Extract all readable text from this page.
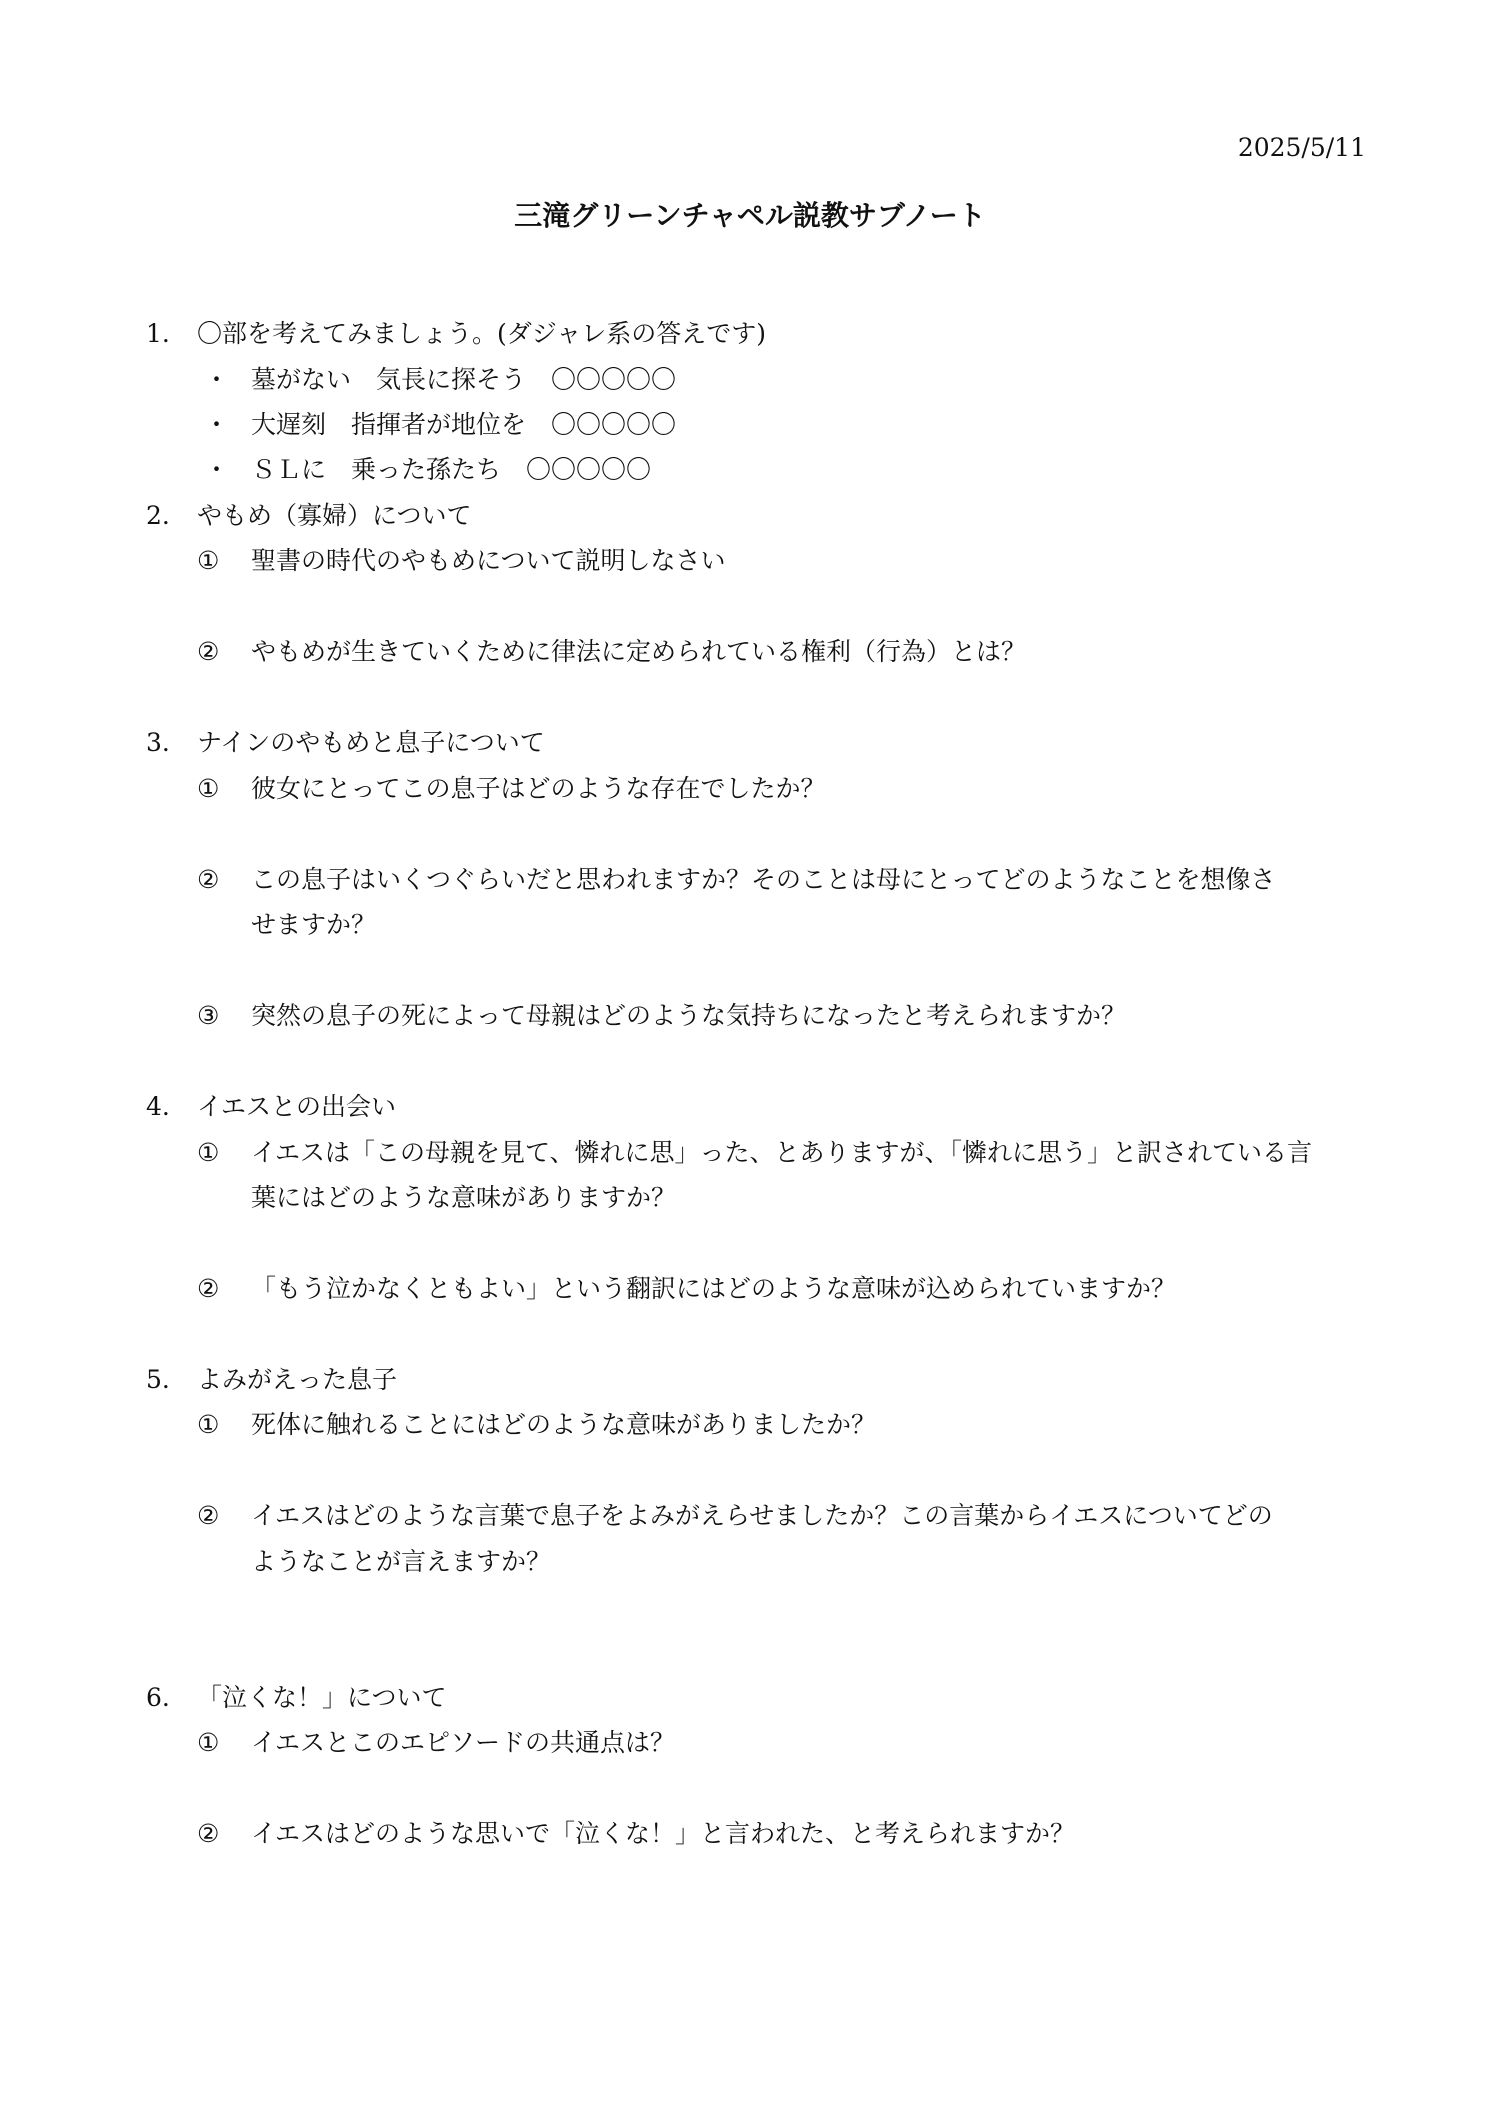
2025/5/11
三滝グリーンチャペル説教サブノート
1. 〇部を考えてみましょう。(ダジャレ系の答えです)
・ 墓がない　気長に探そう　〇〇〇〇〇
・ 大遅刻　指揮者が地位を　〇〇〇〇〇
・ ＳＬに　乗った孫たち　〇〇〇〇〇
2. やもめ（寡婦）について
① 聖書の時代のやもめについて説明しなさい
② やもめが生きていくために律法に定められている権利（行為）とは？
3. ナインのやもめと息子について
① 彼女にとってこの息子はどのような存在でしたか？
② この息子はいくつぐらいだと思われますか？そのことは母にとってどのようなことを想像さ
せますか？
③ 突然の息子の死によって母親はどのような気持ちになったと考えられますか？
4. イエスとの出会い
① イエスは「この母親を見て、憐れに思」った、とありますが、「憐れに思う」と訳されている言
葉にはどのような意味がありますか？
② 「もう泣かなくともよい」という翻訳にはどのような意味が込められていますか？
5. よみがえった息子
① 死体に触れることにはどのような意味がありましたか？
② イエスはどのような言葉で息子をよみがえらせましたか？この言葉からイエスについてどの
ようなことが言えますか？
6. 「泣くな！」について
① イエスとこのエピソードの共通点は？
② イエスはどのような思いで「泣くな！」と言われた、と考えられますか？
